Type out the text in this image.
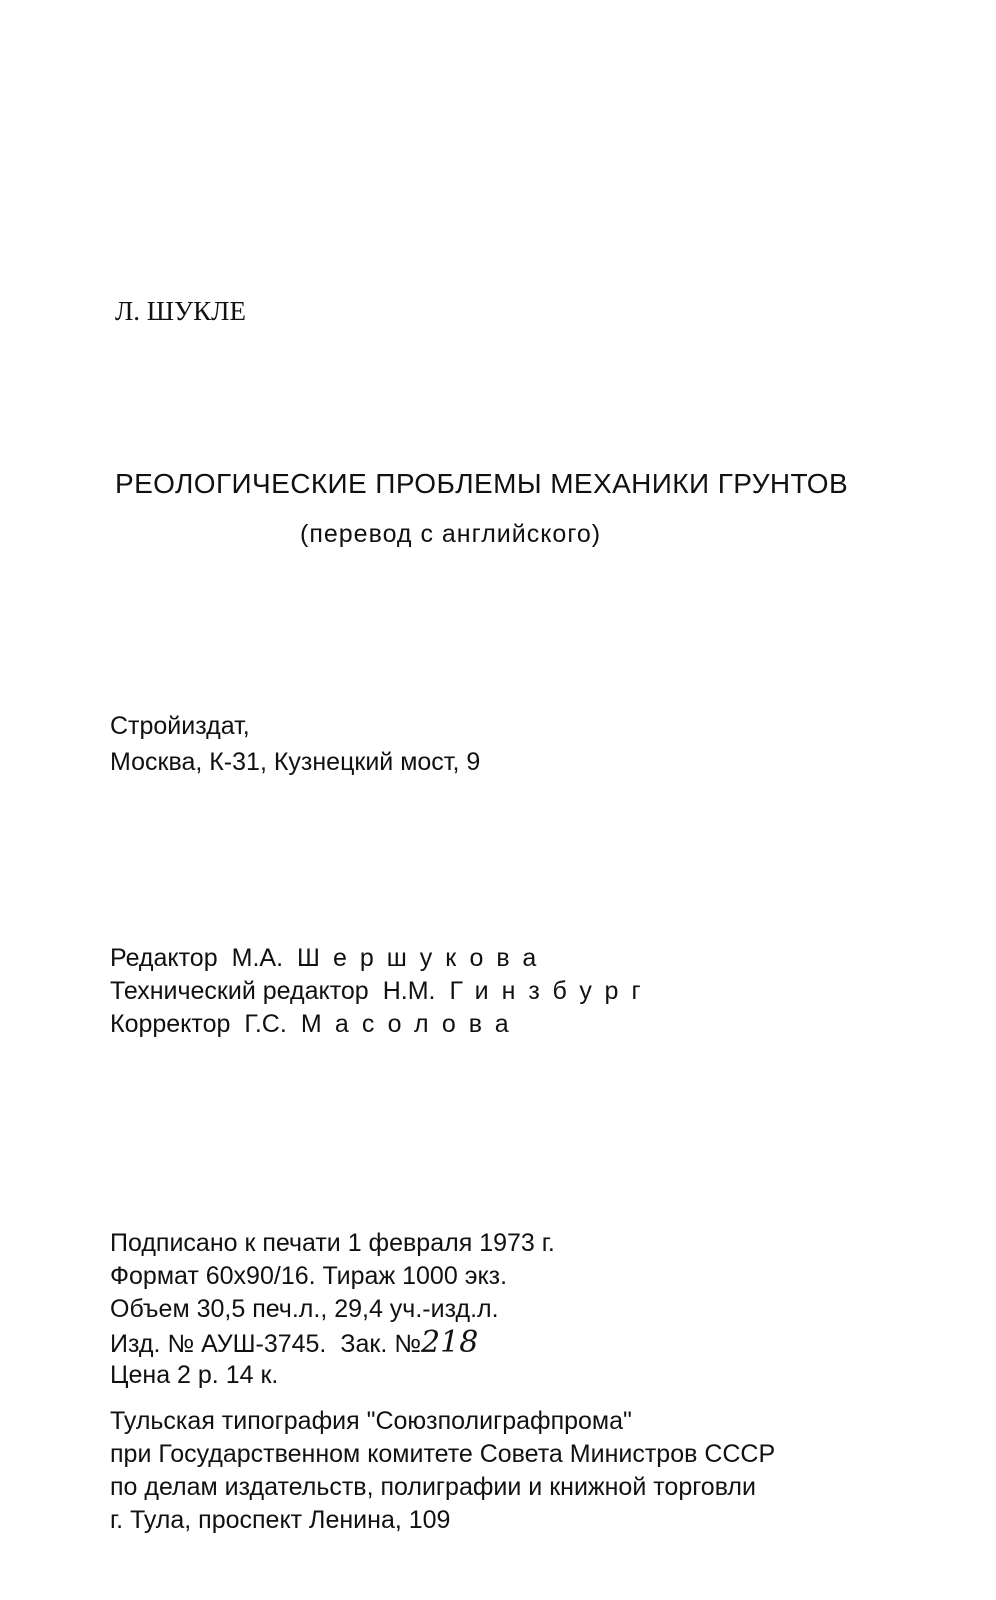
Л. ШУКЛЕ
РЕОЛОГИЧЕСКИЕ ПРОБЛЕМЫ МЕХАНИКИ ГРУНТОВ
(перевод с английского)
Стройиздат,
Москва, К-31, Кузнецкий мост, 9
Редактор М.А. Шершукова
Технический редактор Н.М. Гинзбург
Корректор Г.С. Масолова
Подписано к печати 1 февраля 1973 г.
Формат 60x90/16. Тираж 1000 экз.
Объем 30,5 печ.л., 29,4 уч.-изд.л.
Изд. № АУШ-3745. Зак. №218
Цена 2 р. 14 к.
Тульская типография "Союзполиграфпрома"
при Государственном комитете Совета Министров СССР
по делам издательств, полиграфии и книжной торговли
г. Тула, проспект Ленина, 109
